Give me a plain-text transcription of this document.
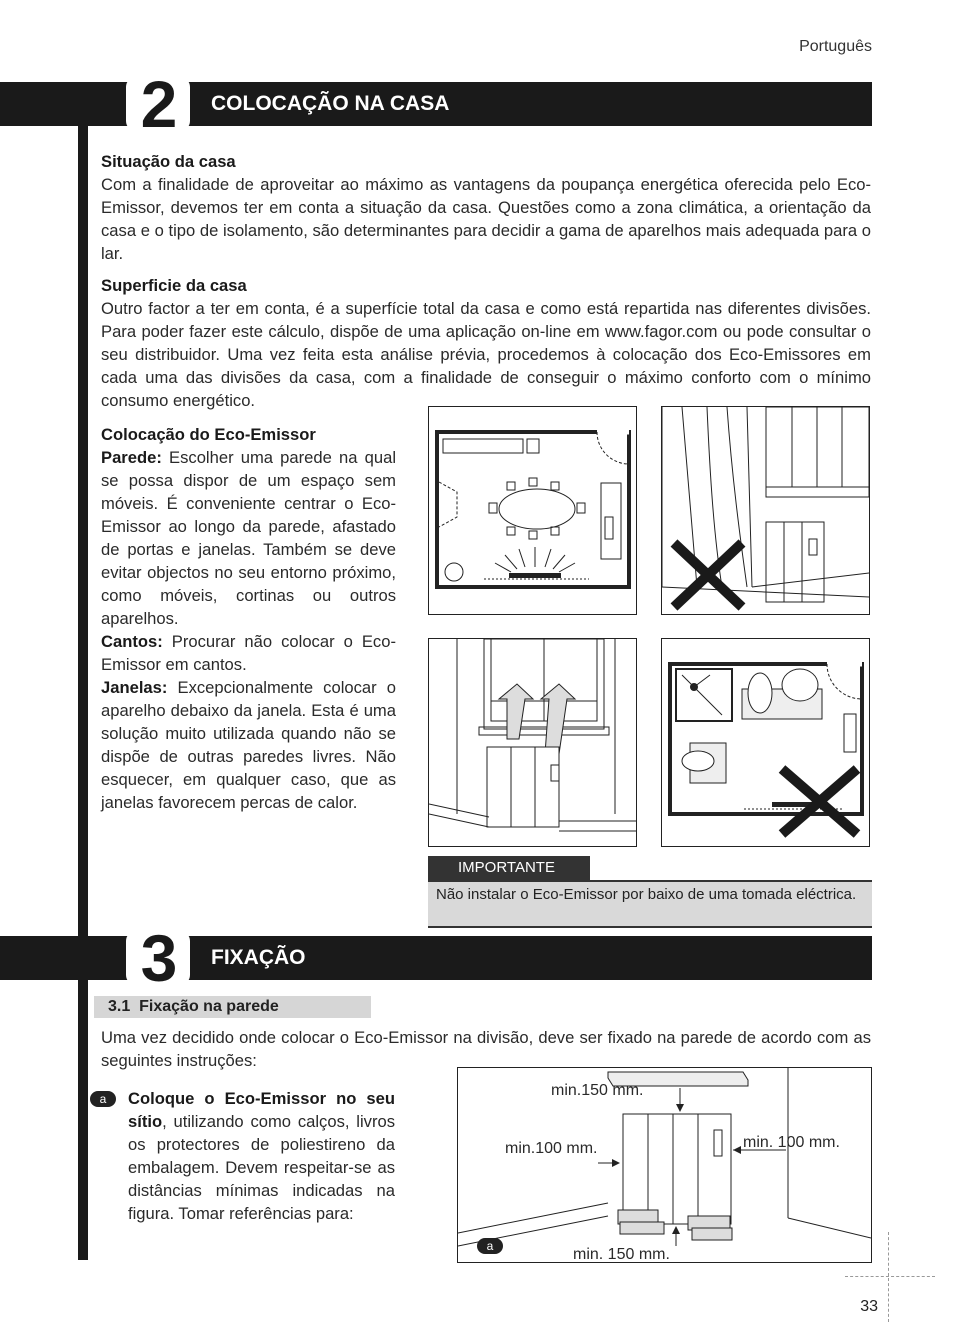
Português
2	COLOCAÇÃO NA CASA
Situação da casa
Com a finalidade de aproveitar ao máximo as vantagens da poupança energética oferecida pelo Eco-Emissor, devemos ter em conta a situação da casa. Questões como a zona climática, a orientação da casa e o tipo de isolamento, são determinantes para decidir a gama de aparelhos mais adequada para o lar.
Superficie da casa
Outro factor a ter em conta, é a superfície total da casa e como está repartida nas diferentes divisões. Para poder fazer este cálculo, dispõe de uma aplicação on-line em www.fagor.com ou pode consultar o seu distribuidor. Uma vez feita esta análise prévia, procedemos à colocação dos Eco-Emissores em cada uma das divisões da casa, com a finalidade de conseguir o máximo conforto com o mínimo consumo energético.
Colocação do Eco-Emissor
Parede: Escolher uma parede na qual se possa dispor de um espaço sem móveis. É conveniente centrar o Eco-Emissor ao longo da parede, afastado de portas e janelas. Também se deve evitar objectos no seu entorno próximo, como móveis, cortinas ou outros aparelhos.
Cantos: Procurar não colocar o Eco-Emissor em cantos.
Janelas: Excepcionalmente colocar o aparelho debaixo da janela. Esta é uma solução muito utilizada quando não se dispõe de outras paredes livres. Não esquecer, em qualquer caso, que as janelas favorecem percas de calor.
IMPORTANTE
Não instalar o Eco-Emissor por baixo de uma tomada eléctrica.
3	FIXAÇÃO
3.1 Fixação na parede
Uma vez decidido onde colocar o Eco-Emissor na divisão, deve ser fixado na parede de acordo com as seguintes instruções:
a	Coloque o Eco-Emissor no seu sítio, utilizando como calços, livros os protectores de poliestireno da embalagem. Devem respeitar-se as distâncias mínimas indicadas na figura. Tomar referências para:
min.150 mm.
min.100 mm.	min. 100 mm.
min. 150 mm.
a
33
